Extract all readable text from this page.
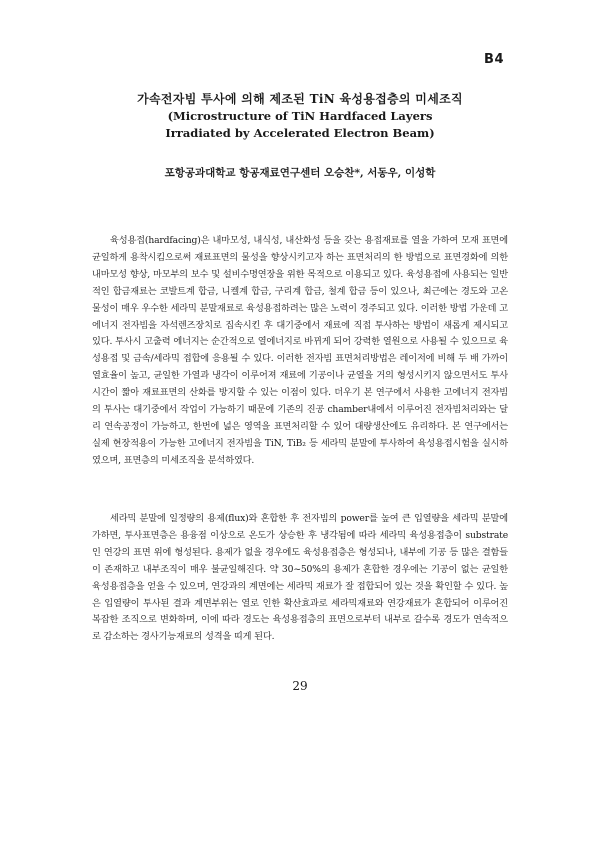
B4
가속전자빔 투사에 의해 제조된 TiN 육성용접층의 미세조직
(Microstructure of TiN Hardfaced Layers
Irradiated by Accelerated Electron Beam)
포항공과대학교 항공재료연구센터 오승찬*, 서동우, 이성학

육성용접(hardfacing)은 내마모성, 내식성, 내산화성 등을 갖는 용접재료를 열을 가하여 모재 표면에 균일하게 용착시킴으로써 재료표면의 물성을 향상시키고자 하는 표면처리의 한 방법으로 표면경화에 의한 내마모성 향상, 마모부의 보수 및 설비수명연장을 위한 목적으로 이용되고 있다. 육성용접에 사용되는 일반적인 합금재료는 코발트계 합금, 니켈계 합금, 구리계 합금, 철계 합금 등이 있으나, 최근에는 경도와 고온물성이 매우 우수한 세라믹 분말재료로 육성용접하려는 많은 노력이 경주되고 있다. 이러한 방법 가운데 고에너지 전자빔을 자석렌즈장치로 집속시킨 후 대기중에서 재료에 직접 투사하는 방법이 새롭게 제시되고 있다. 투사시 고출력 에너지는 순간적으로 열에너지로 바뀌게 되어 강력한 열원으로 사용될 수 있으므로 육성용접 및 금속/세라믹 접합에 응용될 수 있다. 이러한 전자빔 표면처리방법은 레이저에 비해 두 배 가까이 열효율이 높고, 균일한 가열과 냉각이 이루어져 재료에 기공이나 균열을 거의 형성시키지 않으면서도 투사시간이 짧아 재료표면의 산화를 방지할 수 있는 이점이 있다. 더우기 본 연구에서 사용한 고에너지 전자빔의 투사는 대기중에서 작업이 가능하기 때문에 기존의 진공 chamber내에서 이루어진 전자빔처리와는 달리 연속공정이 가능하고, 한번에 넓은 영역을 표면처리할 수 있어 대량생산에도 유리하다. 본 연구에서는 실제 현장적용이 가능한 고에너지 전자빔을 TiN, TiB₂ 등 세라믹 분말에 투사하여 육성용접시험을 실시하였으며, 표면층의 미세조직을 분석하였다.

세라믹 분말에 일정량의 용제(flux)와 혼합한 후 전자빔의 power를 높여 큰 입열량을 세라믹 분말에 가하면, 투사표면층은 용융점 이상으로 온도가 상승한 후 냉각됨에 따라 세라믹 육성용접층이 substrate인 연강의 표면 위에 형성된다. 용제가 없을 경우에도 육성용접층은 형성되나, 내부에 기공 등 많은 결함들이 존재하고 내부조직이 매우 불균일해진다. 약 30~50%의 용제가 혼합한 경우에는 기공이 없는 균일한 육성용접층을 얻을 수 있으며, 연강과의 계면에는 세라믹 재료가 잘 접합되어 있는 것을 확인할 수 있다. 높은 입열량이 투사된 결과 계면부위는 열로 인한 확산효과로 세라믹재료와 연강재료가 혼합되어 이루어진 복잡한 조직으로 변화하며, 이에 따라 경도는 육성용접층의 표면으로부터 내부로 갈수록 경도가 연속적으로 감소하는 경사기능재료의 성격을 띠게 된다.

29
